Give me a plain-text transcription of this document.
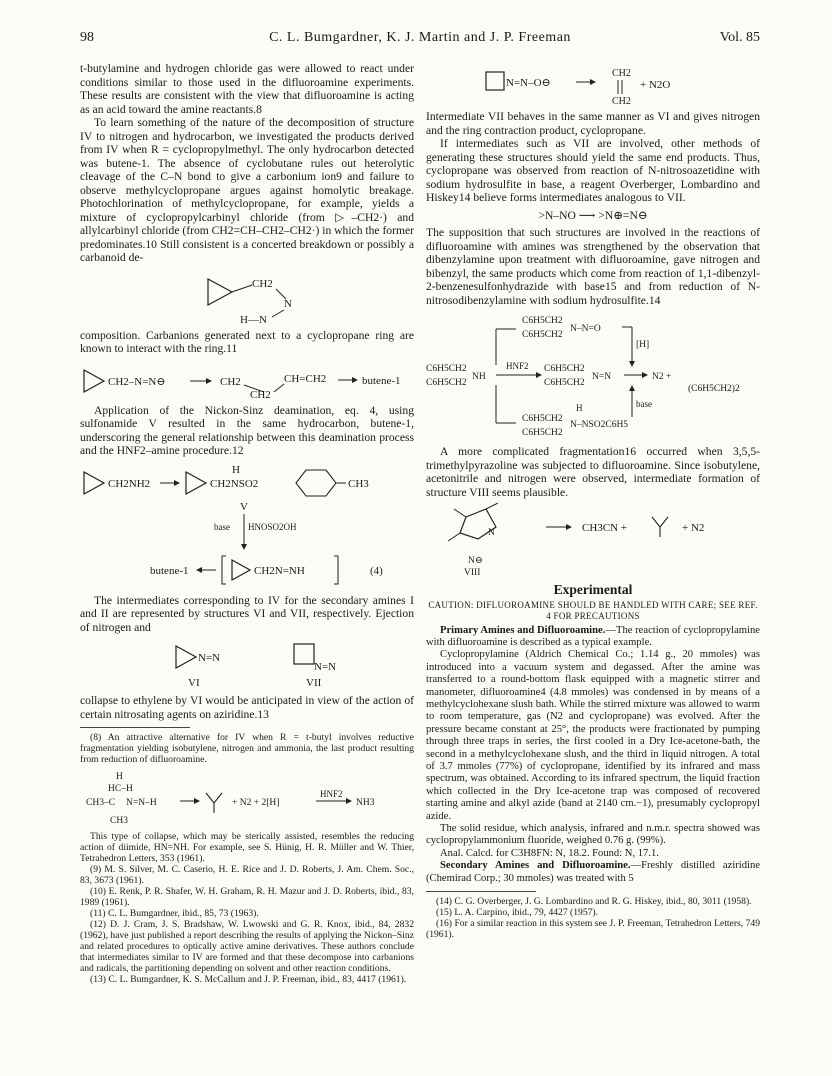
98	C. L. Bumgardner, K. J. Martin and J. P. Freeman	Vol. 85

t-butylamine and hydrogen chloride gas were allowed to react under conditions similar to those used in the difluoroamine experiments. These results are consistent with the view that difluoroamine is acting as an acid toward the amine reactants.8

To learn something of the nature of the decomposition of structure IV to nitrogen and hydrocarbon, we investigated the products derived from IV when R = cyclopropylmethyl. The only hydrocarbon detected was butene-1. The absence of cyclobutane rules out heterolytic cleavage of the C–N bond to give a carbonium ion9 and failure to observe methylcyclopropane argues against homolytic breakage. Photochlorination of methylcyclopropane, for example, yields a mixture of cyclopropylcarbinyl chloride (from ▷–CH2·) and allylcarbinyl chloride (from CH2=CH–CH2–CH2·) in which the former predominates.10 Still consistent is a concerted breakdown or possibly a carbanoid de-

CH2
N
H—N

composition. Carbanions generated next to a cyclopropane ring are known to interact with the ring.11

CH2–N=N⊖	CH2
CH2
CH=CH2	butene-1

Application of the Nickon-Sinz deamination, eq. 4, using sulfonamide V resulted in the same hydrocarbon, butene-1, underscoring the general relationship between this deamination process and the HNF2–amine procedure.12

CH2NH2
H
CH2NSO2	CH3
V
base HNOSO2OH
butene-1	CH2N=NH	(4)

The intermediates corresponding to IV for the secondary amines I and II are represented by structures VI and VII, respectively. Ejection of nitrogen and

N=N
VI
N=N
VII

collapse to ethylene by VI would be anticipated in view of the action of certain nitrosating agents on aziridine.13

(8) An attractive alternative for IV when R = t-butyl involves reductive fragmentation yielding isobutylene, nitrogen and ammonia, the last product resulting from reduction of difluoroamine.

H
HC–H
CH3–C N=N–H
CH3
+ N2 + 2[H]
HNF2
NH3

This type of collapse, which may be sterically assisted, resembles the reducing action of diimide, HN=NH. For example, see S. Hünig, H. R. Müller and W. Thier, Tetrahedron Letters, 353 (1961).

(9) M. S. Silver, M. C. Caserio, H. E. Rice and J. D. Roberts, J. Am. Chem. Soc., 83, 3673 (1961).

(10) E. Renk, P. R. Shafer, W. H. Graham, R. H. Mazur and J. D. Roberts, ibid., 83, 1989 (1961).

(11) C. L. Bumgardner, ibid., 85, 73 (1963).

(12) D. J. Cram, J. S. Bradshaw, W. Lwowski and G. R. Knox, ibid., 84, 2832 (1962), have just published a report describing the results of applying the Nickon–Sinz and related procedures to optically active amine derivatives. These authors conclude that intermediates similar to IV are formed and that these decompose into carbanions and radicals, the partitioning depending on solvent and other reaction conditions.

(13) C. L. Bumgardner, K. S. McCallum and J. P. Freeman, ibid., 83, 4417 (1961).

N=N–O⊖
CH2
CH2
+ N2O

Intermediate VII behaves in the same manner as VI and gives nitrogen and the ring contraction product, cyclopropane.

If intermediates such as VII are involved, other methods of generating these structures should yield the same end products. Thus, cyclopropane was observed from reaction of N-nitrosoazetidine with sodium hydrosulfite in base, a reagent Overberger, Lombardino and Hiskey14 believe forms intermediates analogous to VII.

>N–NO ⟶ >N⊕=N⊖

The supposition that such structures are involved in the reactions of difluoroamine with amines was strengthened by the observation that dibenzylamine upon treatment with difluoroamine, gave nitrogen and bibenzyl, the same products which come from reaction of 1,1-dibenzyl-2-benzenesulfonhydrazide with base15 and from reduction of N-nitrosodibenzylamine with sodium hydrosulfite.14

C6H5CH2
C6H5CH2
N–N=O
[H]
C6H5CH2
C6H5CH2
NH
HNF2 C6H5CH2
C6H5CH2
N=N	N2 +
(C6H5CH2)2
base
H
C6H5CH2
C6H5CH2
N–NSO2C6H5

A more complicated fragmentation16 occurred when 3,5,5-trimethylpyrazoline was subjected to difluoroamine. Since isobutylene, acetonitrile and nitrogen were observed, intermediate formation of structure VIII seems plausible.

N
N⊖
VIII
CH3CN +	+ N2
Experimental
CAUTION: DIFLUOROAMINE SHOULD BE HANDLED WITH CARE; SEE REF. 4 FOR PRECAUTIONS

Primary Amines and Difluoroamine.—The reaction of cyclopropylamine with difluoroamine is described as a typical example.

Cyclopropylamine (Aldrich Chemical Co.; 1.14 g., 20 mmoles) was introduced into a vacuum system and degassed. After the amine was transferred to a round-bottom flask equipped with a magnetic stirrer and manometer, difluoroamine4 (4.8 mmoles) was condensed in by means of a methylcyclohexane slush bath. While the stirred mixture was allowed to warm to room temperature, gas (N2 and cyclopropane) was evolved. After the pressure became constant at 25°, the products were fractionated by pumping through three traps in series, the first cooled in a Dry Ice-acetone-bath, the second in a methylcyclohexane slush, and the third in liquid nitrogen. A total of 3.7 mmoles (77%) of cyclopropane, identified by its infrared and mass spectrum, was obtained. According to its infrared spectrum, the liquid fraction which collected in the Dry Ice-acetone trap was composed of recovered starting amine and alkyl azide (band at 2140 cm.−1), presumably cyclopropyl azide.

The solid residue, which analysis, infrared and n.m.r. spectra showed was cyclopropylammonium fluoride, weighed 0.76 g. (99%).

Anal. Calcd. for C3H8FN: N, 18.2. Found: N, 17.1.

Secondary Amines and Difluoroamine.—Freshly distilled aziridine (Chemirad Corp.; 30 mmoles) was treated with 5

(14) C. G. Overberger, J. G. Lombardino and R. G. Hiskey, ibid., 80, 3011 (1958).

(15) L. A. Carpino, ibid., 79, 4427 (1957).

(16) For a similar reaction in this system see J. P. Freeman, Tetrahedron Letters, 749 (1961).
